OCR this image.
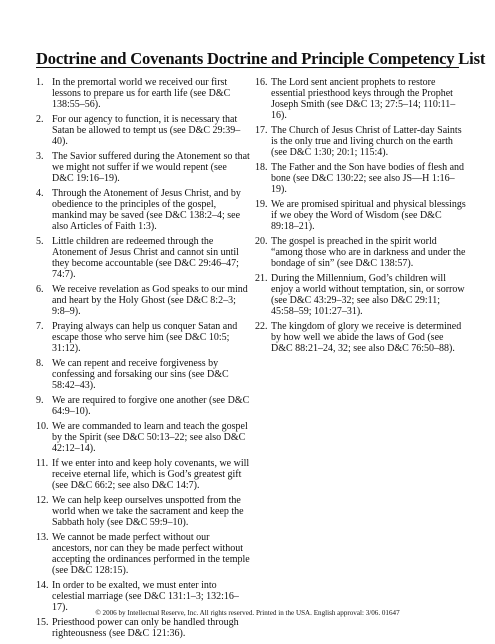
Doctrine and Covenants Doctrine and Principle Competency List
1. In the premortal world we received our first lessons to prepare us for earth life (see D&C 138:55–56).
2. For our agency to function, it is necessary that Satan be allowed to tempt us (see D&C 29:39–40).
3. The Savior suffered during the Atonement so that we might not suffer if we would repent (see D&C 19:16–19).
4. Through the Atonement of Jesus Christ, and by obedience to the principles of the gospel, mankind may be saved (see D&C 138:2–4; see also Articles of Faith 1:3).
5. Little children are redeemed through the Atonement of Jesus Christ and cannot sin until they become accountable (see D&C 29:46–47; 74:7).
6. We receive revelation as God speaks to our mind and heart by the Holy Ghost (see D&C 8:2–3; 9:8–9).
7. Praying always can help us conquer Satan and escape those who serve him (see D&C 10:5; 31:12).
8. We can repent and receive forgiveness by confessing and forsaking our sins (see D&C 58:42–43).
9. We are required to forgive one another (see D&C 64:9–10).
10. We are commanded to learn and teach the gospel by the Spirit (see D&C 50:13–22; see also D&C 42:12–14).
11. If we enter into and keep holy covenants, we will receive eternal life, which is God’s greatest gift (see D&C 66:2; see also D&C 14:7).
12. We can help keep ourselves unspotted from the world when we take the sacrament and keep the Sabbath holy (see D&C 59:9–10).
13. We cannot be made perfect without our ancestors, nor can they be made perfect without accepting the ordinances performed in the temple (see D&C 128:15).
14. In order to be exalted, we must enter into celestial marriage (see D&C 131:1–3; 132:16–17).
15. Priesthood power can only be handled through righteousness (see D&C 121:36).
16. The Lord sent ancient prophets to restore essential priesthood keys through the Prophet Joseph Smith (see D&C 13; 27:5–14; 110:11–16).
17. The Church of Jesus Christ of Latter-day Saints is the only true and living church on the earth (see D&C 1:30; 20:1; 115:4).
18. The Father and the Son have bodies of flesh and bone (see D&C 130:22; see also JS—H 1:16–19).
19. We are promised spiritual and physical blessings if we obey the Word of Wisdom (see D&C 89:18–21).
20. The gospel is preached in the spirit world “among those who are in darkness and under the bondage of sin” (see D&C 138:57).
21. During the Millennium, God’s children will enjoy a world without temptation, sin, or sorrow (see D&C 43:29–32; see also D&C 29:11; 45:58–59; 101:27–31).
22. The kingdom of glory we receive is determined by how well we abide the laws of God (see D&C 88:21–24, 32; see also D&C 76:50–88).
© 2006 by Intellectual Reserve, Inc. All rights reserved. Printed in the USA. English approval: 3/06. 01647
